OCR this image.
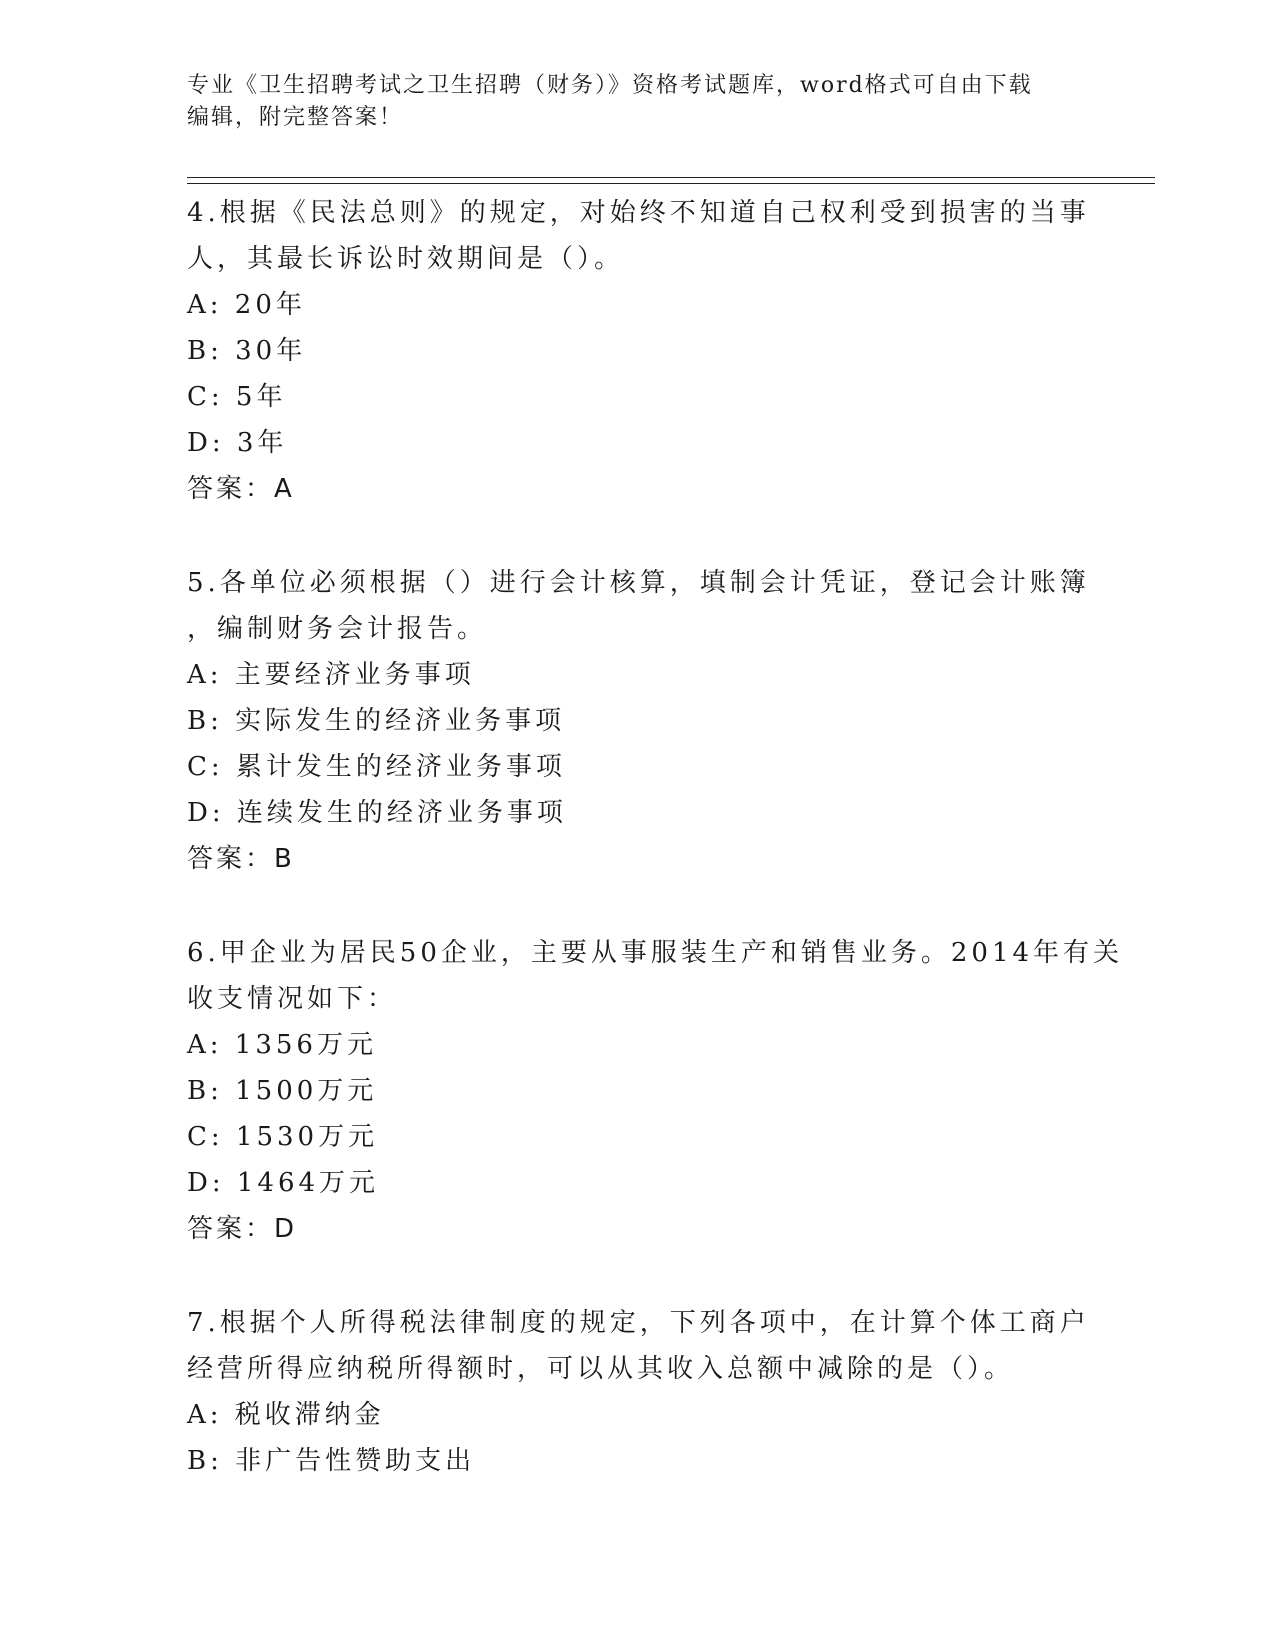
专业《卫生招聘考试之卫生招聘（财务）》资格考试题库，word格式可自由下载
编辑，附完整答案！
4.根据《民法总则》的规定，对始终不知道自己权利受到损害的当事
人，其最长诉讼时效期间是（）。
A: 20年
B: 30年
C: 5年
D: 3年
答案：A
5.各单位必须根据（）进行会计核算，填制会计凭证，登记会计账簿
，编制财务会计报告。
A: 主要经济业务事项
B: 实际发生的经济业务事项
C: 累计发生的经济业务事项
D: 连续发生的经济业务事项
答案：B
6.甲企业为居民50企业，主要从事服装生产和销售业务。2014年有关
收支情况如下：
A: 1356万元
B: 1500万元
C: 1530万元
D: 1464万元
答案：D
7.根据个人所得税法律制度的规定，下列各项中，在计算个体工商户
经营所得应纳税所得额时，可以从其收入总额中减除的是（）。
A: 税收滞纳金
B: 非广告性赞助支出
